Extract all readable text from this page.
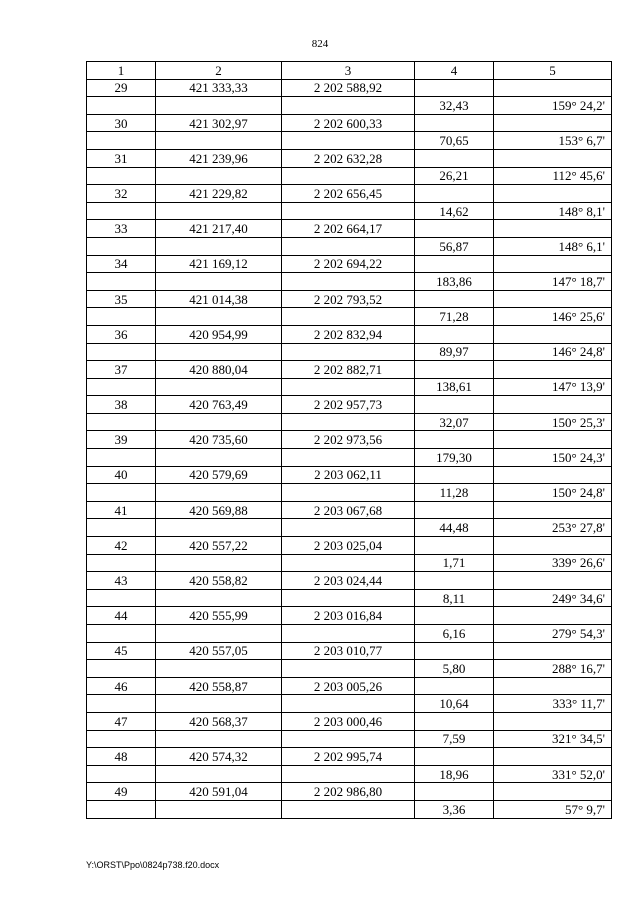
824
1	2	3	4	5
29	421 333,33	2 202 588,92		
			32,43	159° 24,2'
30	421 302,97	2 202 600,33		
			70,65	153° 6,7'
31	421 239,96	2 202 632,28		
			26,21	112° 45,6'
32	421 229,82	2 202 656,45		
			14,62	148° 8,1'
33	421 217,40	2 202 664,17		
			56,87	148° 6,1'
34	421 169,12	2 202 694,22		
			183,86	147° 18,7'
35	421 014,38	2 202 793,52		
			71,28	146° 25,6'
36	420 954,99	2 202 832,94		
			89,97	146° 24,8'
37	420 880,04	2 202 882,71		
			138,61	147° 13,9'
38	420 763,49	2 202 957,73		
			32,07	150° 25,3'
39	420 735,60	2 202 973,56		
			179,30	150° 24,3'
40	420 579,69	2 203 062,11		
			11,28	150° 24,8'
41	420 569,88	2 203 067,68		
			44,48	253° 27,8'
42	420 557,22	2 203 025,04		
			1,71	339° 26,6'
43	420 558,82	2 203 024,44		
			8,11	249° 34,6'
44	420 555,99	2 203 016,84		
			6,16	279° 54,3'
45	420 557,05	2 203 010,77		
			5,80	288° 16,7'
46	420 558,87	2 203 005,26		
			10,64	333° 11,7'
47	420 568,37	2 203 000,46		
			7,59	321° 34,5'
48	420 574,32	2 202 995,74		
			18,96	331° 52,0'
49	420 591,04	2 202 986,80		
			3,36	57° 9,7'
Y:\ORST\Ppo\0824p738.f20.docx
